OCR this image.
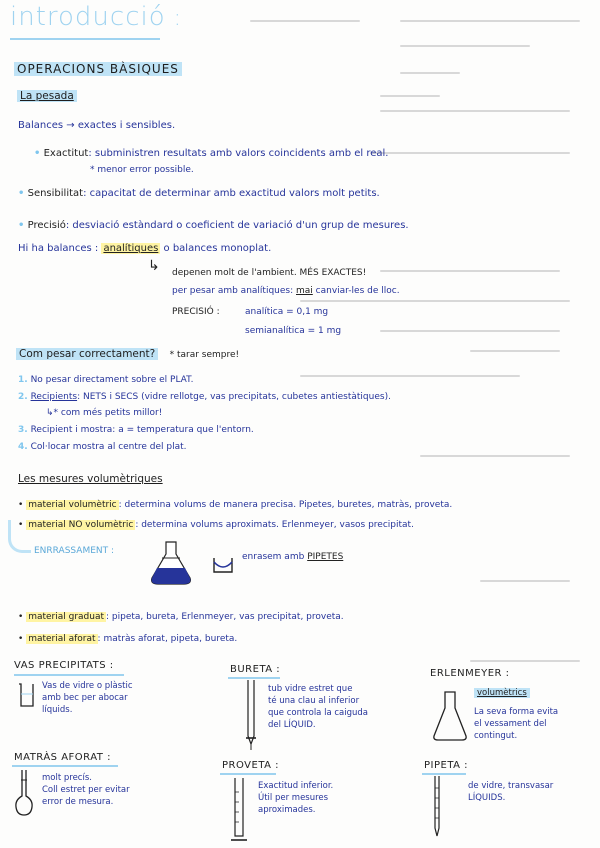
introducció :
OPERACIONS BÀSIQUES
La pesada
Balances → exactes i sensibles.
• Exactitut: subministren resultats amb valors coincidents amb el real.
* menor error possible.
• Sensibilitat: capacitat de determinar amb exactitud valors molt petits.
• Precisió: desviació estàndard o coeficient de variació d'un grup de mesures.
Hi ha balances : analítiques o balances monoplat.
↳ depenen molt de l'ambient. MÉS EXACTES!
per pesar amb analítiques: mai canviar-les de lloc.
PRECISIÓ :	analítica = 0,1 mg
semianalítica = 1 mg
Com pesar correctament? * tarar sempre!
1. No pesar directament sobre el PLAT.
2. Recipients: NETS i SECS (vidre rellotge, vas precipitats, cubetes antiestàtiques).
↳* com més petits millor!
3. Recipient i mostra: a = temperatura que l'entorn.
4. Col·locar mostra al centre del plat.
Les mesures volumètriques
• material volumètric : determina volums de manera precisa. Pipetes, buretes, matràs, proveta.
• material NO volumètric : determina volums aproximats. Erlenmeyer, vasos precipitat.
ENRRASSAMENT :
enrasem amb PIPETES
• material graduat : pipeta, bureta, Erlenmeyer, vas precipitat, proveta.
• material aforat : matràs aforat, pipeta, bureta.
VAS PRECIPITATS :
Vas de vidre o plàstic
amb bec per abocar
líquids.
BURETA :
tub vidre estret que
té una clau al inferior
que controla la caiguda
del LÍQUID.
ERLENMEYER :
volumètrics
La seva forma evita
el vessament del
contingut.
MATRÀS AFORAT :
molt precís.
Coll estret per evitar
error de mesura.
PROVETA :
Exactitud inferior.
Útil per mesures
aproximades.
PIPETA :
de vidre, transvasar
LÍQUIDS.
